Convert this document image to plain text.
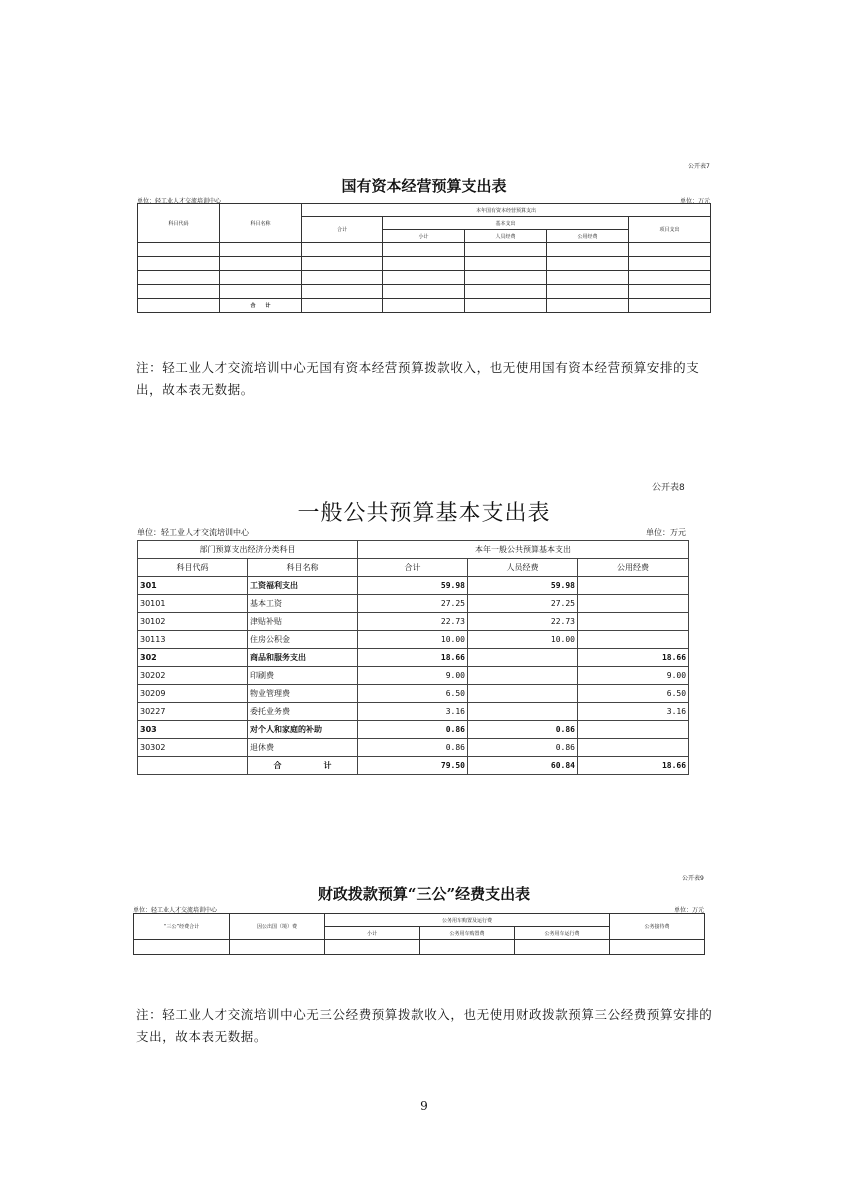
公开表7
国有资本经营预算支出表
单位：轻工业人才交流培训中心	单位：万元
科目代码	科目名称	本年国有资本经营预算支出				
		合计	基本支出			项目支出
			小计	人员经费	公用经费	

	合　　计					
注：轻工业人才交流培训中心无国有资本经营预算拨款收入，也无使用国有资本经营预算安排的支出，故本表无数据。
公开表8
一般公共预算基本支出表
单位：轻工业人才交流培训中心	单位：万元
部门预算支出经济分类科目		本年一般公共预算基本支出		
科目代码	科目名称	合计	人员经费	公用经费
301	工资福利支出	59.98	59.98	
30101	基本工资	27.25	27.25	
30102	津贴补贴	22.73	22.73	
30113	住房公积金	10.00	10.00	
302	商品和服务支出	18.66		18.66
30202	印刷费	9.00		9.00
30209	物业管理费	6.50		6.50
30227	委托业务费	3.16		3.16
303	对个人和家庭的补助	0.86	0.86	
30302	退休费	0.86	0.86	
	合 计	79.50	60.84	18.66
公开表9
财政拨款预算“三公”经费支出表
单位：轻工业人才交流培训中心	单位：万元
“三公”经费合计	因公出国（境）费	公务用车购置及运行费			公务接待费
		小计	公务用车购置费	公务用车运行费	

注：轻工业人才交流培训中心无三公经费预算拨款收入，也无使用财政拨款预算三公经费预算安排的支出，故本表无数据。
9
